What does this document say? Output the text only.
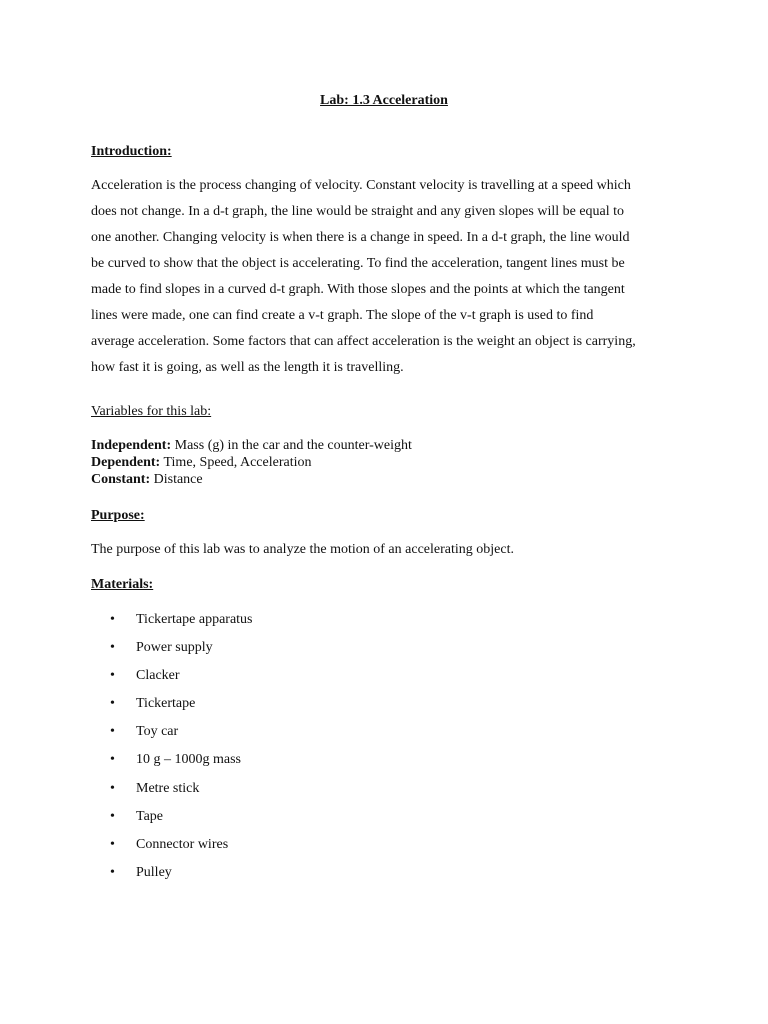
Lab: 1.3 Acceleration
Introduction:
Acceleration is the process changing of velocity. Constant velocity is travelling at a speed which
does not change. In a d-t graph, the line would be straight and any given slopes will be equal to
one another. Changing velocity is when there is a change in speed. In a d-t graph, the line would
be curved to show that the object is accelerating. To find the acceleration, tangent lines must be
made to find slopes in a curved d-t graph. With those slopes and the points at which the tangent
lines were made, one can find create a v-t graph. The slope of the v-t graph is used to find
average acceleration. Some factors that can affect acceleration is the weight an object is carrying,
how fast it is going, as well as the length it is travelling.
Variables for this lab:
Independent: Mass (g) in the car and the counter-weight
Dependent: Time, Speed, Acceleration
Constant: Distance
Purpose:
The purpose of this lab was to analyze the motion of an accelerating object.
Materials:
• Tickertape apparatus
• Power supply
• Clacker
• Tickertape
• Toy car
• 10 g – 1000g mass
• Metre stick
• Tape
• Connector wires
• Pulley
